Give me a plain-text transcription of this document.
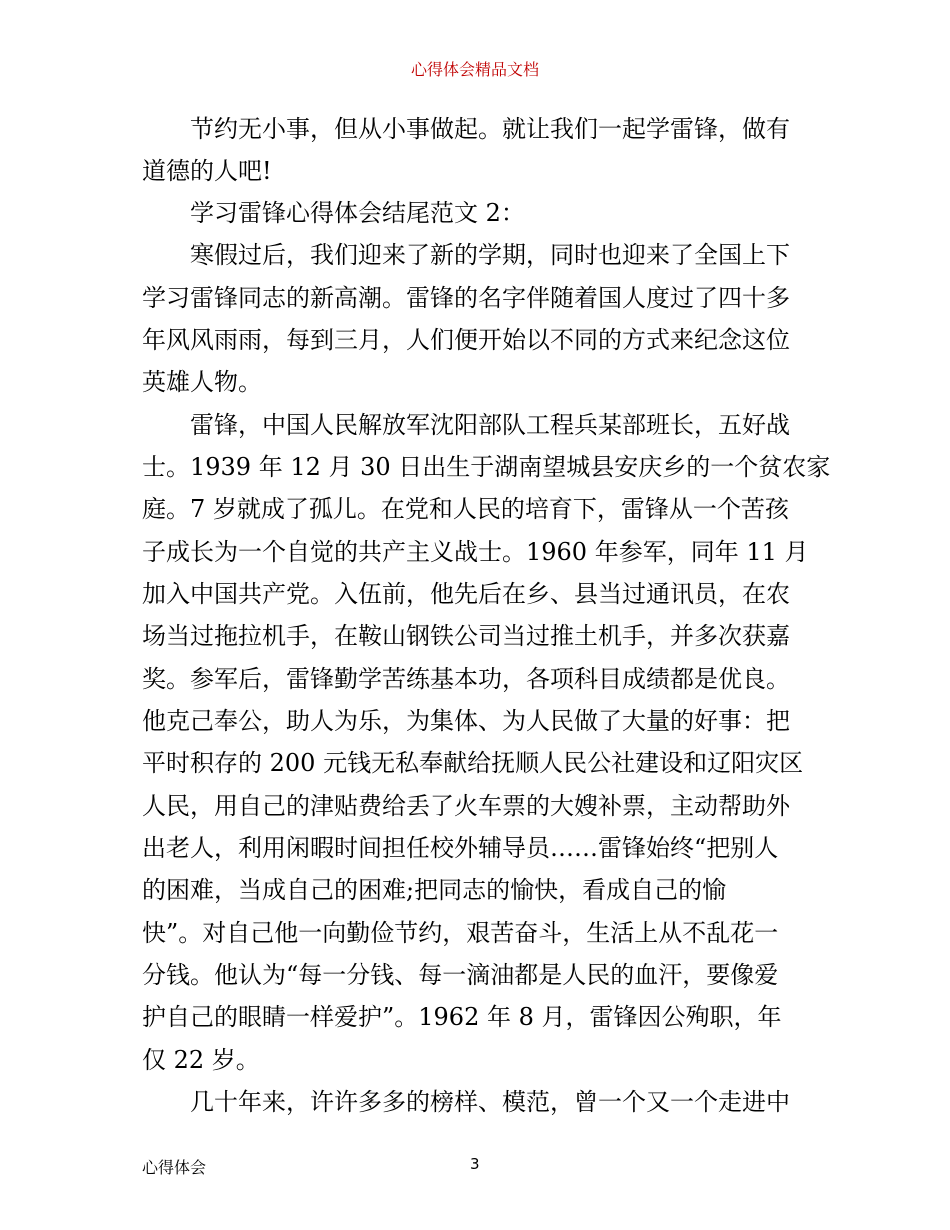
心得体会精品文档
　　节约无小事，但从小事做起。就让我们一起学雷锋，做有
道德的人吧!
　　学习雷锋心得体会结尾范文 2：
　　寒假过后，我们迎来了新的学期，同时也迎来了全国上下
学习雷锋同志的新高潮。雷锋的名字伴随着国人度过了四十多
年风风雨雨，每到三月，人们便开始以不同的方式来纪念这位
英雄人物。
　　雷锋，中国人民解放军沈阳部队工程兵某部班长，五好战
士。1939 年 12 月 30 日出生于湖南望城县安庆乡的一个贫农家
庭。7 岁就成了孤儿。在党和人民的培育下，雷锋从一个苦孩
子成长为一个自觉的共产主义战士。1960 年参军，同年 11 月
加入中国共产党。入伍前，他先后在乡、县当过通讯员，在农
场当过拖拉机手，在鞍山钢铁公司当过推土机手，并多次获嘉
奖。参军后，雷锋勤学苦练基本功，各项科目成绩都是优良。
他克己奉公，助人为乐，为集体、为人民做了大量的好事：把
平时积存的 200 元钱无私奉献给抚顺人民公社建设和辽阳灾区
人民，用自己的津贴费给丢了火车票的大嫂补票，主动帮助外
出老人，利用闲暇时间担任校外辅导员……雷锋始终“把别人
的困难，当成自己的困难;把同志的愉快，看成自己的愉
快”。对自己他一向勤俭节约，艰苦奋斗，生活上从不乱花一
分钱。他认为“每一分钱、每一滴油都是人民的血汗，要像爱
护自己的眼睛一样爱护”。1962 年 8 月，雷锋因公殉职，年
仅 22 岁。
　　几十年来，许许多多的榜样、模范，曾一个又一个走进中
心得体会	3
